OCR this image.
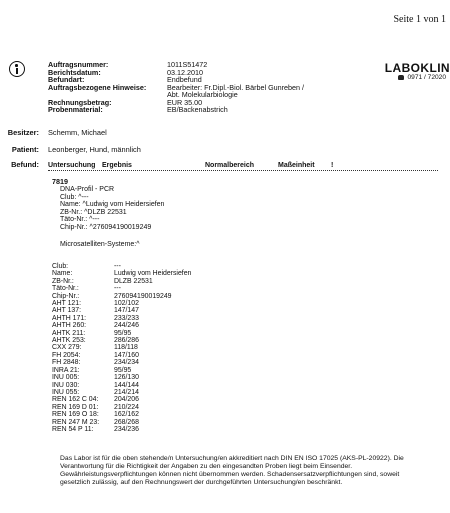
Seite 1 von 1
Auftragsnummer:	1011S51472
Berichtsdatum:	03.12.2010
Befundart:	Endbefund
Auftragsbezogene Hinweise:	Bearbeiter: Fr.Dipl.-Biol. Bärbel Gunreben / Abt. Molekularbiologie
Rechnungsbetrag:	EUR 35.00
Probenmaterial:	EB/Backenabstrich
LABOKLIN
0971 / 72020
Besitzer: Schemm, Michael
Patient: Leonberger, Hund, männlich
Befund: Untersuchung Ergebnis	Normalbereich	Maßeinheit !
7819
DNA-Profil - PCR
Club: ^---
Name: ^Ludwig vom Heidersiefen
ZB-Nr.: ^DLZB 22531
Täto-Nr.: ^---
Chip-Nr.: ^276094190019249
Microsatelliten-Systeme:^
Club:	---
Name:	Ludwig vom Heidersiefen
ZB-Nr.:	DLZB 22531
Täto-Nr.:	---
Chip-Nr.:	276094190019249
AHT 121:	102/102
AHT 137:	147/147
AHTH 171:	233/233
AHTH 260:	244/246
AHTK 211:	95/95
AHTK 253:	286/286
CXX 279:	118/118
FH 2054:	147/160
FH 2848:	234/234
INRA 21:	95/95
INU 005:	126/130
INU 030:	144/144
INU 055:	214/214
REN 162 C 04:	204/206
REN 169 D 01:	210/224
REN 169 O 18:	162/162
REN 247 M 23:	268/268
REN 54 P 11:	234/236
Das Labor ist für die oben stehende/n Untersuchung/en akkreditiert nach DIN EN ISO 17025 (AKS-PL-20922). Die Verantwortung für die Richtigkeit der Angaben zu den eingesandten Proben liegt beim Einsender. Gewährleistungsverpflichtungen können nicht übernommen werden. Schadensersatzverpflichtungen sind, soweit gesetzlich zulässig, auf den Rechnungswert der durchgeführten Untersuchung/en beschränkt.
